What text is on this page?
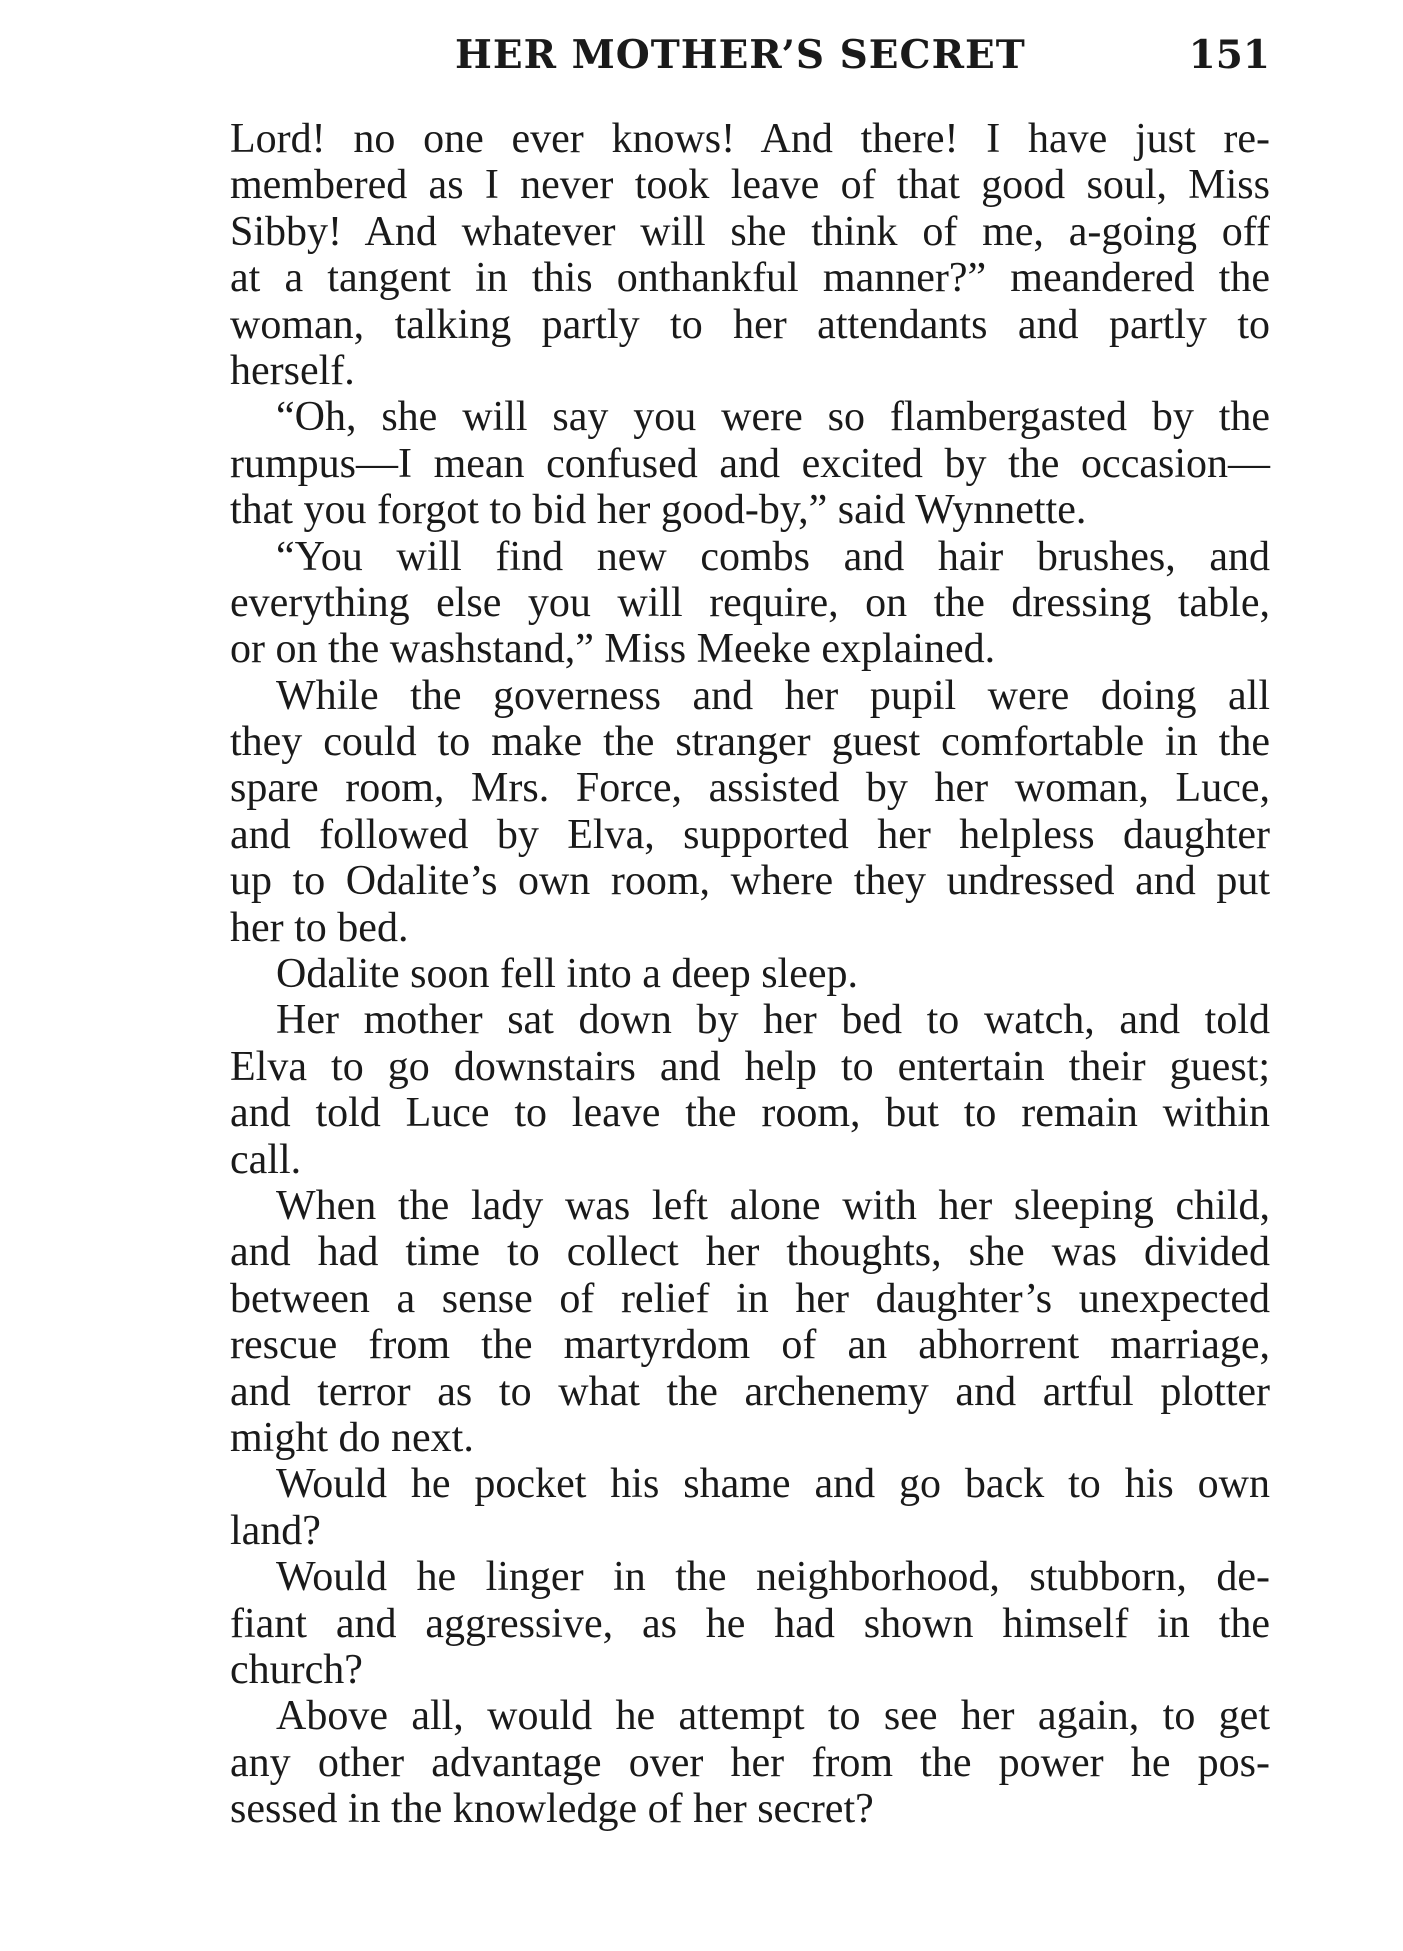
HER MOTHER’S SECRET	151
Lord! no one ever knows! And there! I have just re-
membered as I never took leave of that good soul, Miss
Sibby! And whatever will she think of me, a-going off
at a tangent in this onthankful manner?” meandered the
woman, talking partly to her attendants and partly to
herself.
“Oh, she will say you were so flambergasted by the
rumpus—I mean confused and excited by the occasion—
that you forgot to bid her good-by,” said Wynnette.
“You will find new combs and hair brushes, and
everything else you will require, on the dressing table,
or on the washstand,” Miss Meeke explained.
While the governess and her pupil were doing all
they could to make the stranger guest comfortable in the
spare room, Mrs. Force, assisted by her woman, Luce,
and followed by Elva, supported her helpless daughter
up to Odalite’s own room, where they undressed and put
her to bed.
Odalite soon fell into a deep sleep.
Her mother sat down by her bed to watch, and told
Elva to go downstairs and help to entertain their guest;
and told Luce to leave the room, but to remain within
call.
When the lady was left alone with her sleeping child,
and had time to collect her thoughts, she was divided
between a sense of relief in her daughter’s unexpected
rescue from the martyrdom of an abhorrent marriage,
and terror as to what the archenemy and artful plotter
might do next.
Would he pocket his shame and go back to his own
land?
Would he linger in the neighborhood, stubborn, de-
fiant and aggressive, as he had shown himself in the
church?
Above all, would he attempt to see her again, to get
any other advantage over her from the power he pos-
sessed in the knowledge of her secret?
